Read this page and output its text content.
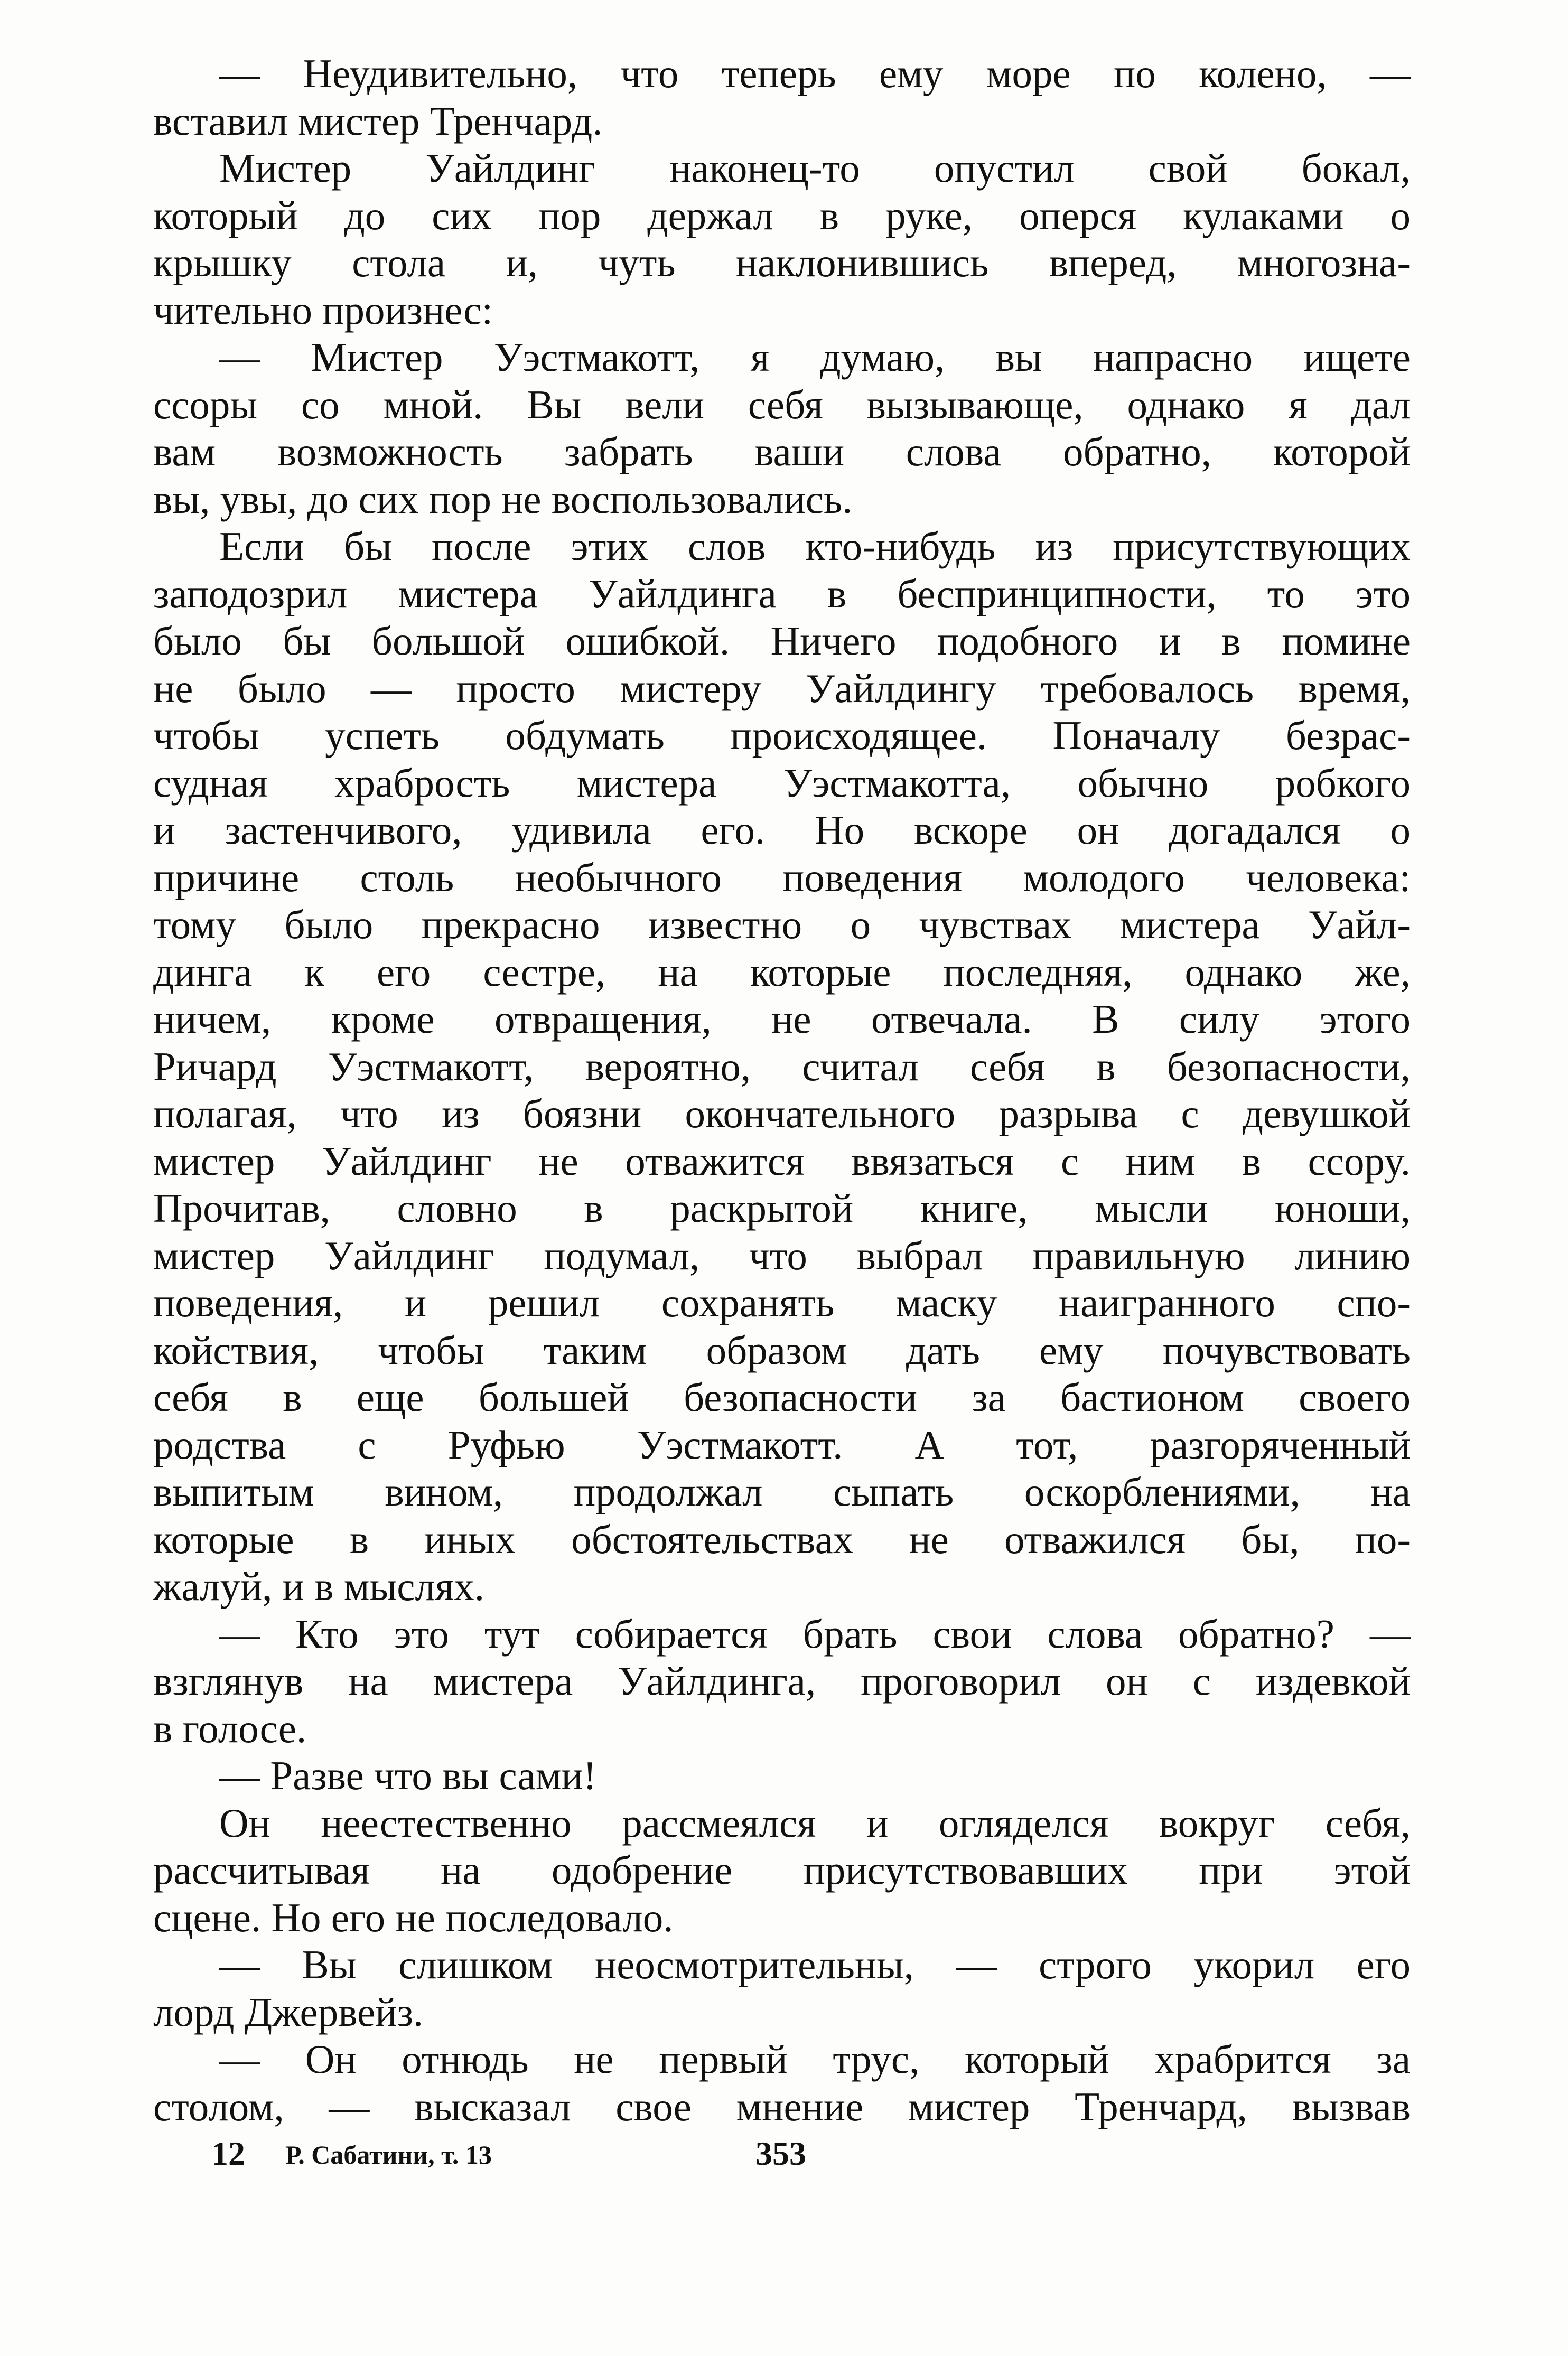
— Неудивительно, что теперь ему море по колено, —
вставил мистер Тренчард.
Мистер Уайлдинг наконец-то опустил свой бокал,
который до сих пор держал в руке, оперся кулаками о
крышку стола и, чуть наклонившись вперед, многозна-
чительно произнес:
— Мистер Уэстмакотт, я думаю, вы напрасно ищете
ссоры со мной. Вы вели себя вызывающе, однако я дал
вам возможность забрать ваши слова обратно, которой
вы, увы, до сих пор не воспользовались.
Если бы после этих слов кто-нибудь из присутствующих
заподозрил мистера Уайлдинга в беспринципности, то это
было бы большой ошибкой. Ничего подобного и в помине
не было — просто мистеру Уайлдингу требовалось время,
чтобы успеть обдумать происходящее. Поначалу безрас-
судная храбрость мистера Уэстмакотта, обычно робкого
и застенчивого, удивила его. Но вскоре он догадался о
причине столь необычного поведения молодого человека:
тому было прекрасно известно о чувствах мистера Уайл-
динга к его сестре, на которые последняя, однако же,
ничем, кроме отвращения, не отвечала. В силу этого
Ричард Уэстмакотт, вероятно, считал себя в безопасности,
полагая, что из боязни окончательного разрыва с девушкой
мистер Уайлдинг не отважится ввязаться с ним в ссору.
Прочитав, словно в раскрытой книге, мысли юноши,
мистер Уайлдинг подумал, что выбрал правильную линию
поведения, и решил сохранять маску наигранного спо-
койствия, чтобы таким образом дать ему почувствовать
себя в еще большей безопасности за бастионом своего
родства с Руфью Уэстмакотт. А тот, разгоряченный
выпитым вином, продолжал сыпать оскорблениями, на
которые в иных обстоятельствах не отважился бы, по-
жалуй, и в мыслях.
— Кто это тут собирается брать свои слова обратно? —
взглянув на мистера Уайлдинга, проговорил он с издевкой
в голосе.
— Разве что вы сами!
Он неестественно рассмеялся и огляделся вокруг себя,
рассчитывая на одобрение присутствовавших при этой
сцене. Но его не последовало.
— Вы слишком неосмотрительны, — строго укорил его
лорд Джервейз.
— Он отнюдь не первый трус, который храбрится за
столом, — высказал свое мнение мистер Тренчард, вызвав
12 Р. Сабатини, т. 13	353
